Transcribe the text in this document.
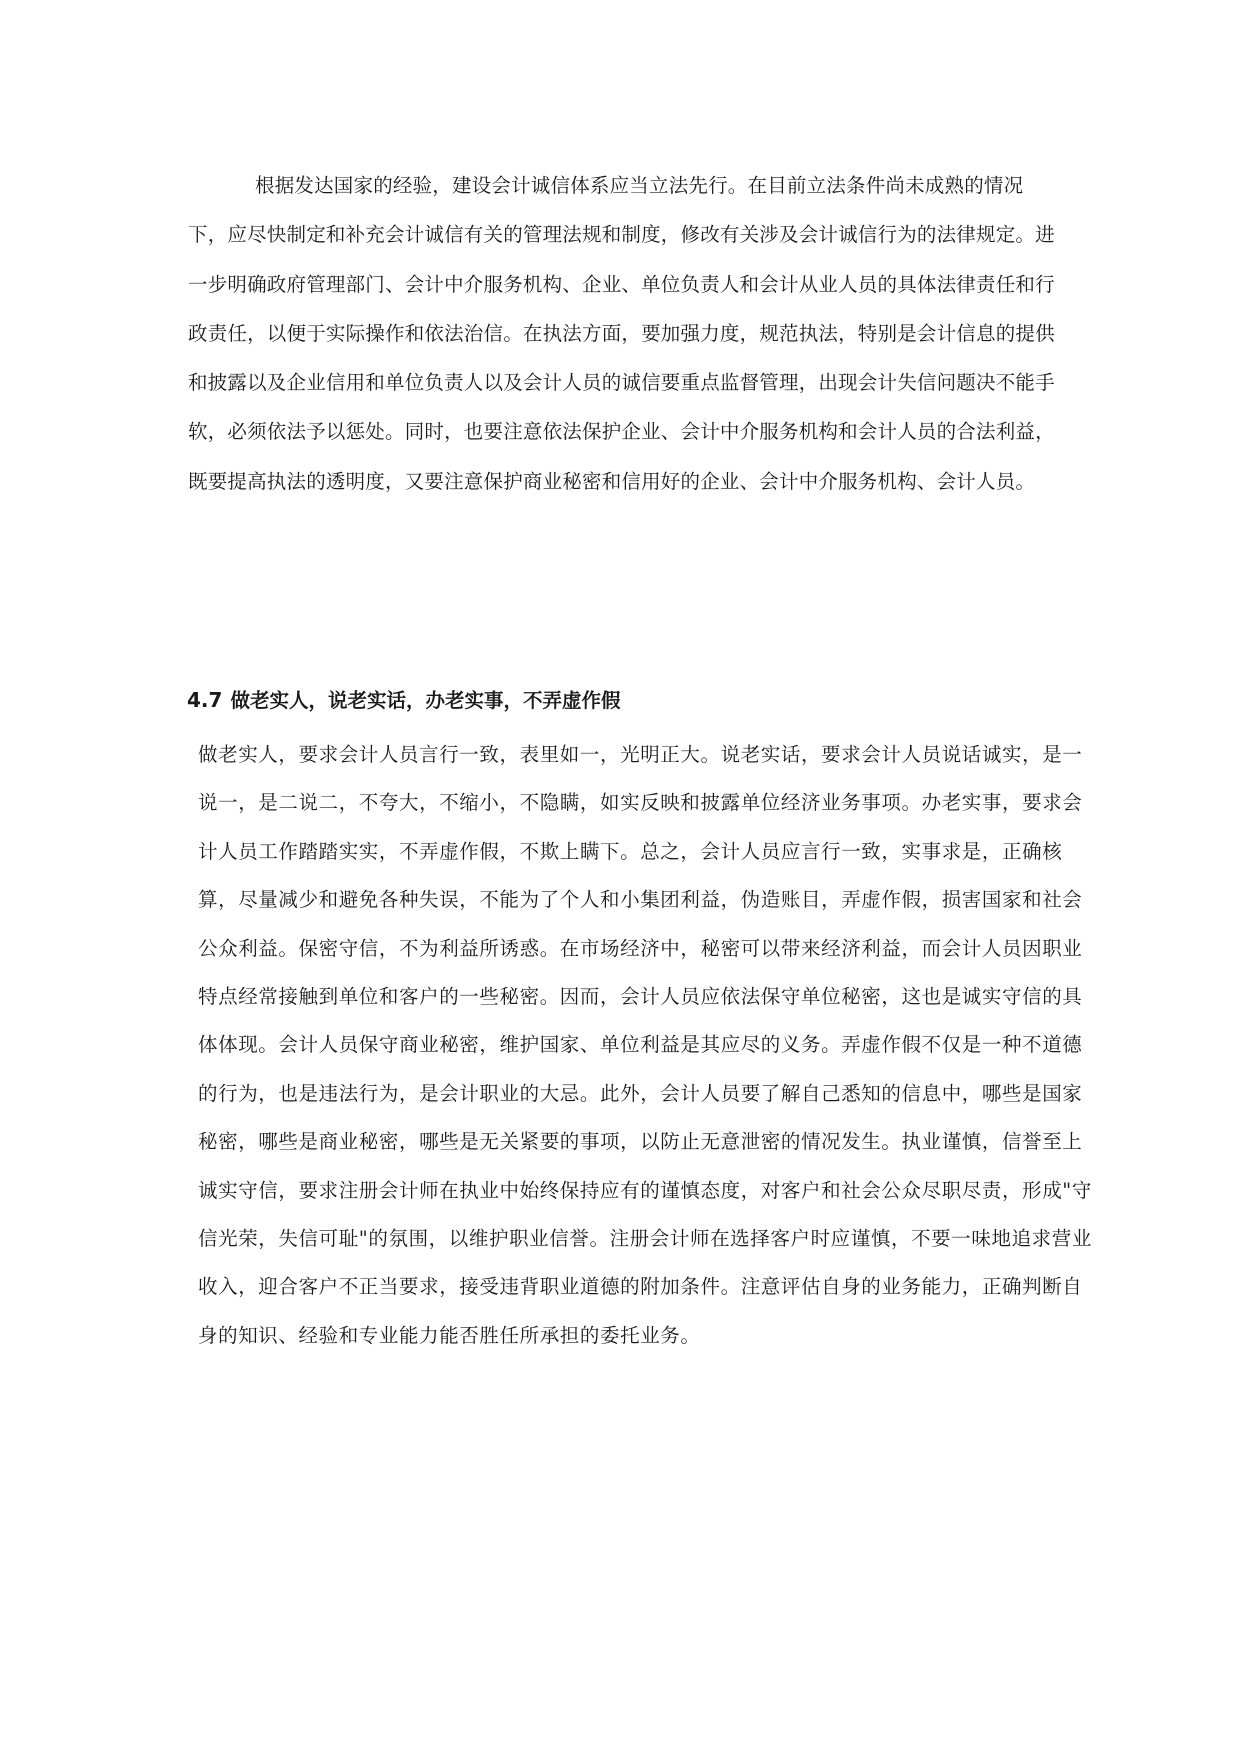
根据发达国家的经验，建设会计诚信体系应当立法先行。在目前立法条件尚未成熟的情况下，应尽快制定和补充会计诚信有关的管理法规和制度，修改有关涉及会计诚信行为的法律规定。进一步明确政府管理部门、会计中介服务机构、企业、单位负责人和会计从业人员的具体法律责任和行政责任，以便于实际操作和依法治信。在执法方面，要加强力度，规范执法，特别是会计信息的提供和披露以及企业信用和单位负责人以及会计人员的诚信要重点监督管理，出现会计失信问题决不能手软，必须依法予以惩处。同时，也要注意依法保护企业、会计中介服务机构和会计人员的合法利益，既要提高执法的透明度，又要注意保护商业秘密和信用好的企业、会计中介服务机构、会计人员。

4.7 做老实人，说老实话，办老实事，不弄虚作假

做老实人，要求会计人员言行一致，表里如一，光明正大。说老实话，要求会计人员说话诚实，是一说一，是二说二，不夸大，不缩小，不隐瞒，如实反映和披露单位经济业务事项。办老实事，要求会计人员工作踏踏实实，不弄虚作假，不欺上瞒下。总之，会计人员应言行一致，实事求是，正确核算，尽量减少和避免各种失误，不能为了个人和小集团利益，伪造账目，弄虚作假，损害国家和社会公众利益。保密守信，不为利益所诱惑。在市场经济中，秘密可以带来经济利益，而会计人员因职业特点经常接触到单位和客户的一些秘密。因而，会计人员应依法保守单位秘密，这也是诚实守信的具体体现。会计人员保守商业秘密，维护国家、单位利益是其应尽的义务。弄虚作假不仅是一种不道德的行为，也是违法行为，是会计职业的大忌。此外，会计人员要了解自己悉知的信息中，哪些是国家秘密，哪些是商业秘密，哪些是无关紧要的事项，以防止无意泄密的情况发生。执业谨慎，信誉至上诚实守信，要求注册会计师在执业中始终保持应有的谨慎态度，对客户和社会公众尽职尽责，形成"守信光荣，失信可耻"的氛围，以维护职业信誉。注册会计师在选择客户时应谨慎，不要一味地追求营业收入，迎合客户不正当要求，接受违背职业道德的附加条件。注意评估自身的业务能力，正确判断自身的知识、经验和专业能力能否胜任所承担的委托业务。
